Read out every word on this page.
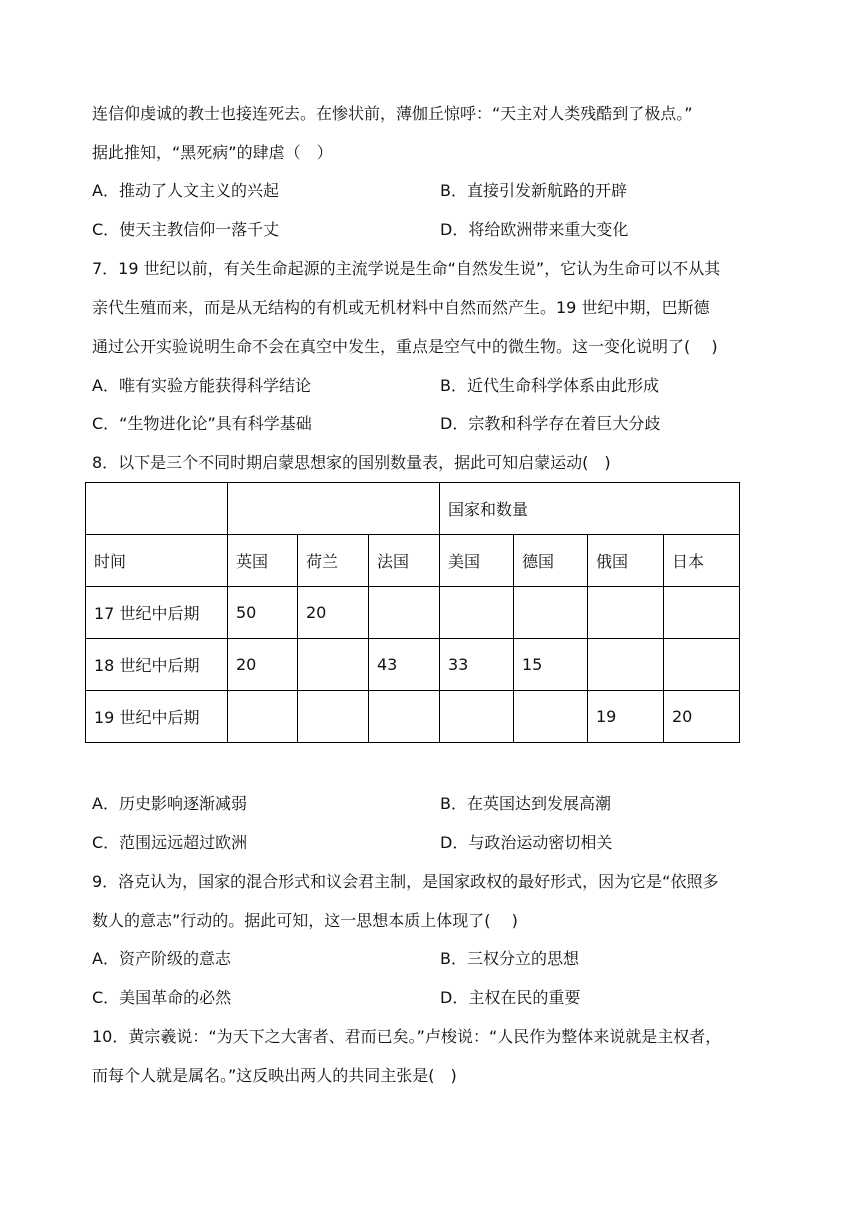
连信仰虔诚的教士也接连死去。在惨状前，薄伽丘惊呼：“天主对人类残酷到了极点。”
据此推知，“黑死病”的肆虐（　）
A．推动了人文主义的兴起	B．直接引发新航路的开辟
C．使天主教信仰一落千丈	D．将给欧洲带来重大变化
7．19 世纪以前，有关生命起源的主流学说是生命“自然发生说”，它认为生命可以不从其
亲代生殖而来，而是从无结构的有机或无机材料中自然而然产生。19 世纪中期，巴斯德
通过公开实验说明生命不会在真空中发生，重点是空气中的微生物。这一变化说明了(　 )
A．唯有实验方能获得科学结论	B．近代生命科学体系由此形成
C．“生物进化论”具有科学基础	D．宗教和科学存在着巨大分歧
8．以下是三个不同时期启蒙思想家的国别数量表，据此可知启蒙运动(　)
				国家和数量			
时间	英国	荷兰	法国	美国	德国	俄国	日本
17 世纪中后期	50	20					
18 世纪中后期	20		43	33	15		
19 世纪中后期						19	20
A．历史影响逐渐减弱	B．在英国达到发展高潮
C．范围远远超过欧洲	D．与政治运动密切相关
9．洛克认为，国家的混合形式和议会君主制，是国家政权的最好形式，因为它是“依照多
数人的意志”行动的。据此可知，这一思想本质上体现了(　 )
A．资产阶级的意志	B．三权分立的思想
C．美国革命的必然	D．主权在民的重要
10．黄宗羲说：“为天下之大害者、君而已矣。”卢梭说：“人民作为整体来说就是主权者，
而每个人就是属名。”这反映出两人的共同主张是(　)
